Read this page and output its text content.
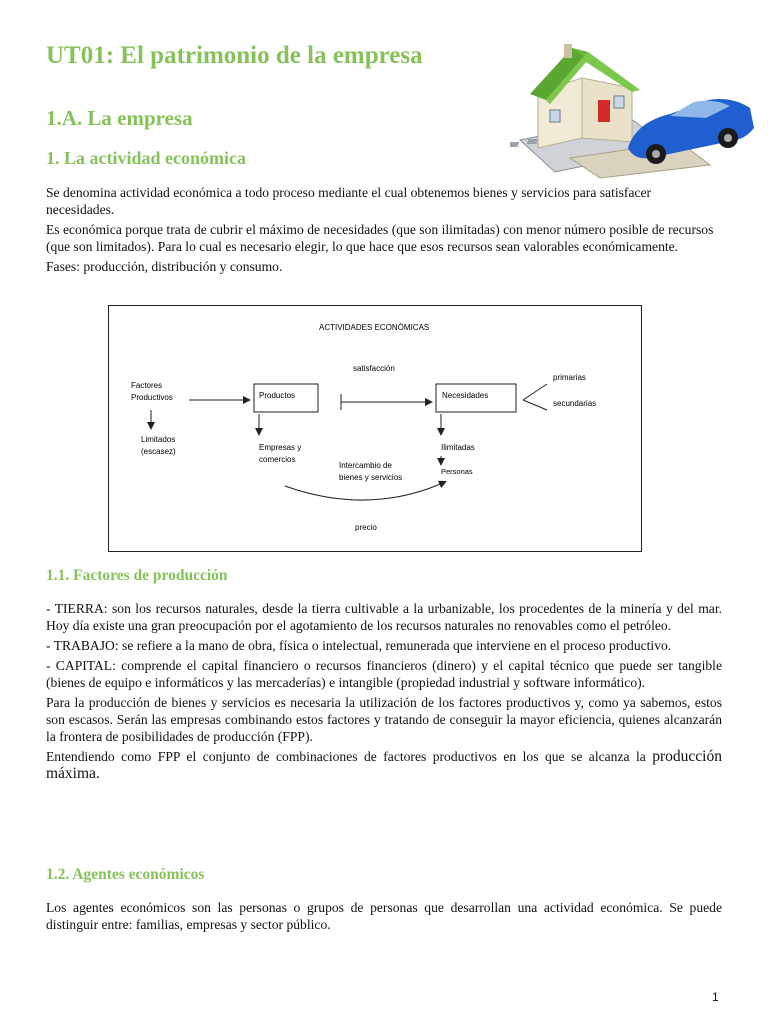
UT01: El patrimonio de la empresa
1.A. La empresa
1. La actividad económica

Se denomina actividad económica a todo proceso mediante el cual obtenemos bienes y servicios para satisfacer necesidades.

Es económica porque trata de cubrir el máximo de necesidades (que son ilimitadas) con menor número posible de recursos (que son limitados). Para lo cual es necesario elegir, lo que hace que esos recursos sean valorables económicamente.

Fases: producción, distribución y consumo.

ACTIVIDADES ECONÓMICAS
Factores
Productivos
Limitados
(escasez)
Productos
Empresas y
comercios
satisfacción
Necesidades
primarias
secundarias
Ilimitadas
Personas
Intercambio de
bienes y servicios
precio
1.1. Factores de producción

- TIERRA: son los recursos naturales, desde la tierra cultivable a la urbanizable, los procedentes de la minería y del mar. Hoy día existe una gran preocupación por el agotamiento de los recursos naturales no renovables como el petróleo.

- TRABAJO: se refiere a la mano de obra, física o intelectual, remunerada que interviene en el proceso productivo.

- CAPITAL: comprende el capital financiero o recursos financieros (dinero) y el capital técnico que puede ser tangible (bienes de equipo e informáticos y las mercaderías) e intangible (propiedad industrial y software informático).

Para la producción de bienes y servicios es necesaria la utilización de los factores productivos y, como ya sabemos, estos son escasos. Serán las empresas combinando estos factores y tratando de conseguir la mayor eficiencia, quienes alcanzarán la frontera de posibilidades de producción (FPP).

Entendiendo como FPP el conjunto de combinaciones de factores productivos en los que se alcanza la producción máxima.

1.2. Agentes económicos

Los agentes económicos son las personas o grupos de personas que desarrollan una actividad económica. Se puede distinguir entre: familias, empresas y sector público.

1
